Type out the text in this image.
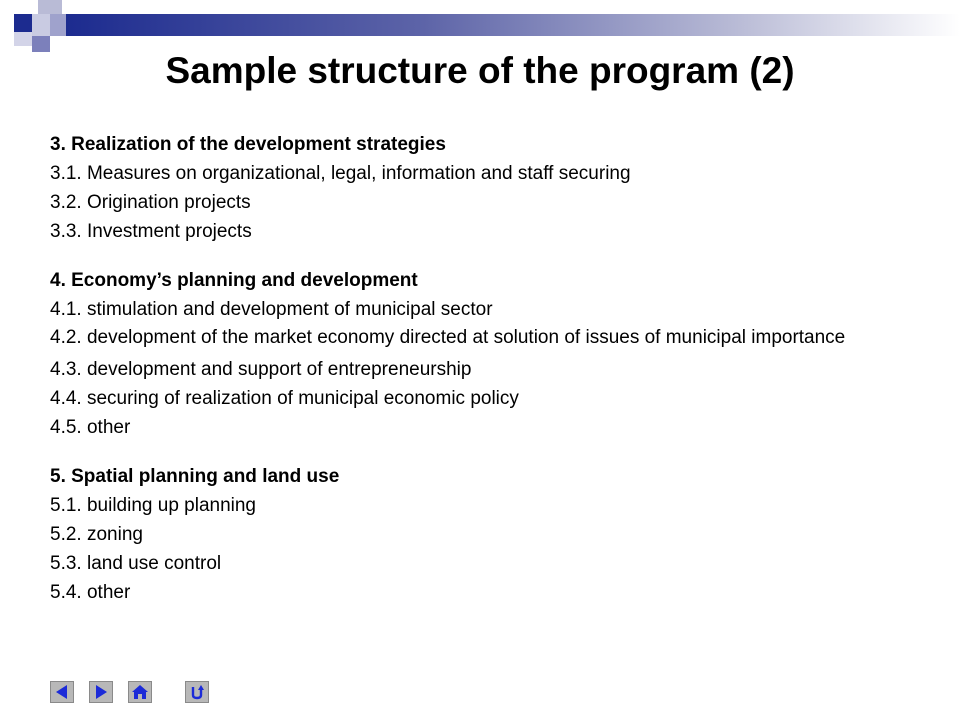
Sample structure of the program (2)

3. Realization of the development strategies

3.1. Measures on organizational, legal, information and staff securing

3.2. Origination projects

3.3. Investment projects

4. Economy’s planning and development

4.1. stimulation and development of municipal sector

4.2. development of the market economy directed at solution of issues of municipal importance

4.3. development and support of entrepreneurship

4.4. securing of realization of municipal economic policy

4.5. other

5. Spatial planning and land use

5.1. building up planning

5.2. zoning

5.3. land use control

5.4. other
